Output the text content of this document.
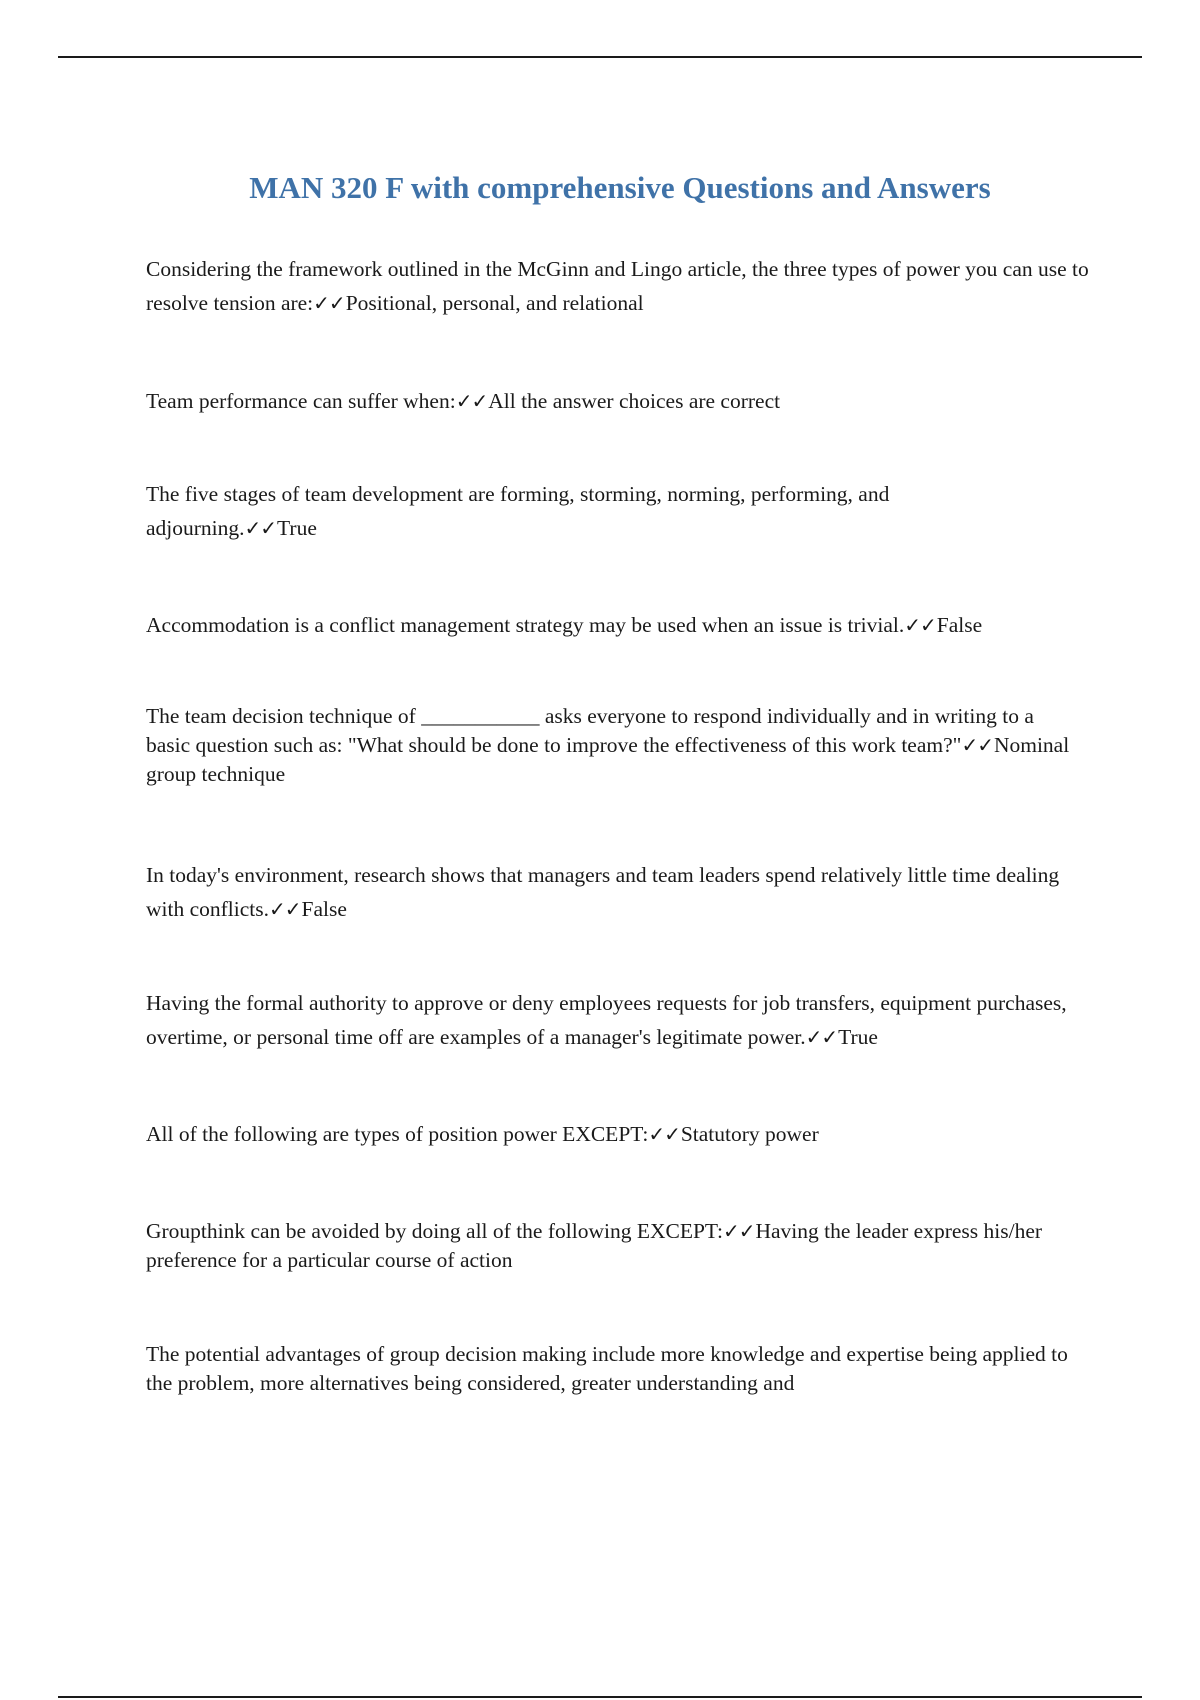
MAN 320 F with comprehensive Questions and Answers

Considering the framework outlined in the McGinn and Lingo article, the three types of power you can use to resolve tension are:✓✓Positional, personal, and relational

Team performance can suffer when:✓✓All the answer choices are correct

The five stages of team development are forming, storming, norming, performing, and adjourning.✓✓True

Accommodation is a conflict management strategy may be used when an issue is trivial.✓✓False

The team decision technique of ___________ asks everyone to respond individually and in writing to a basic question such as: "What should be done to improve the effectiveness of this work team?"✓✓Nominal group technique

In today's environment, research shows that managers and team leaders spend relatively little time dealing with conflicts.✓✓False

Having the formal authority to approve or deny employees requests for job transfers, equipment purchases, overtime, or personal time off are examples of a manager's legitimate power.✓✓True

All of the following are types of position power EXCEPT:✓✓Statutory power

Groupthink can be avoided by doing all of the following EXCEPT:✓✓Having the leader express his/her preference for a particular course of action

The potential advantages of group decision making include more knowledge and expertise being applied to the problem, more alternatives being considered, greater understanding and
